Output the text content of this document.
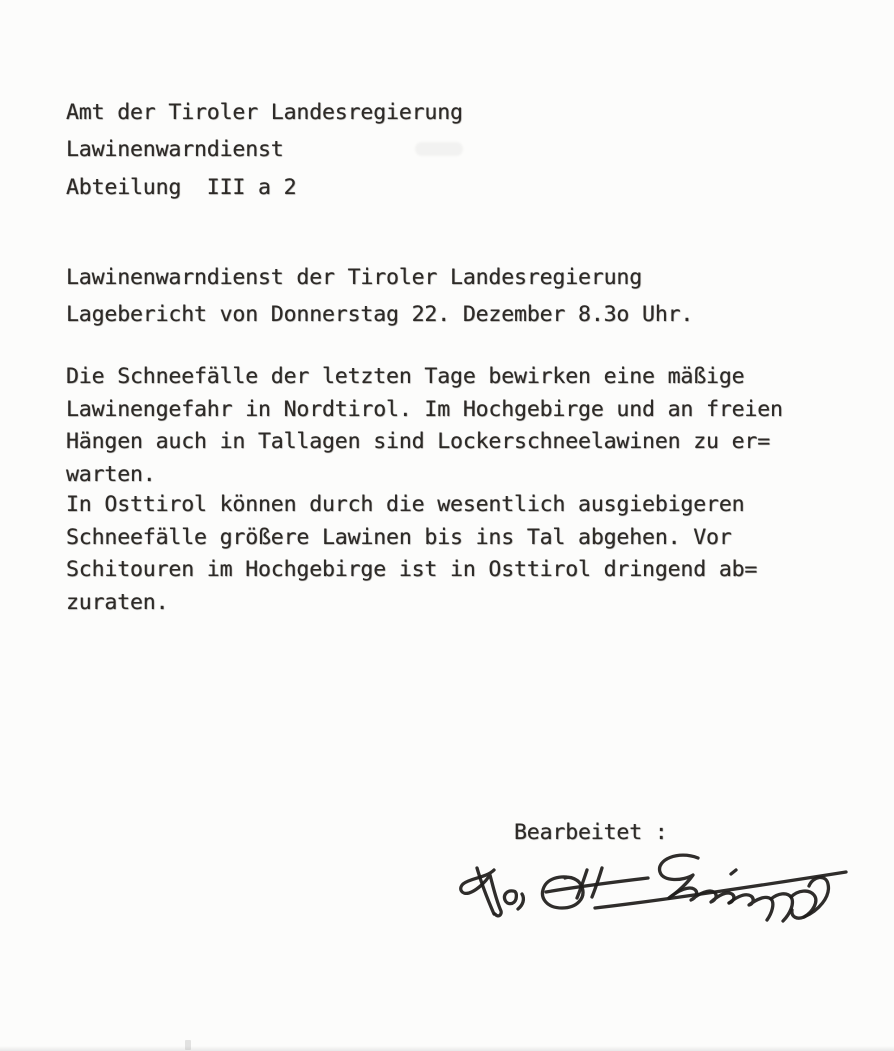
Amt der Tiroler Landesregierung
Lawinenwarndienst
Abteilung  III a 2
Lawinenwarndienst der Tiroler Landesregierung
Lagebericht von Donnerstag 22. Dezember 8.3o Uhr.
Die Schneefälle der letzten Tage bewirken eine mäßige
Lawinengefahr in Nordtirol. Im Hochgebirge und an freien
Hängen auch in Tallagen sind Lockerschneelawinen zu er=
warten.
In Osttirol können durch die wesentlich ausgiebigeren
Schneefälle größere Lawinen bis ins Tal abgehen. Vor
Schitouren im Hochgebirge ist in Osttirol dringend ab=
zuraten.
Bearbeitet :
